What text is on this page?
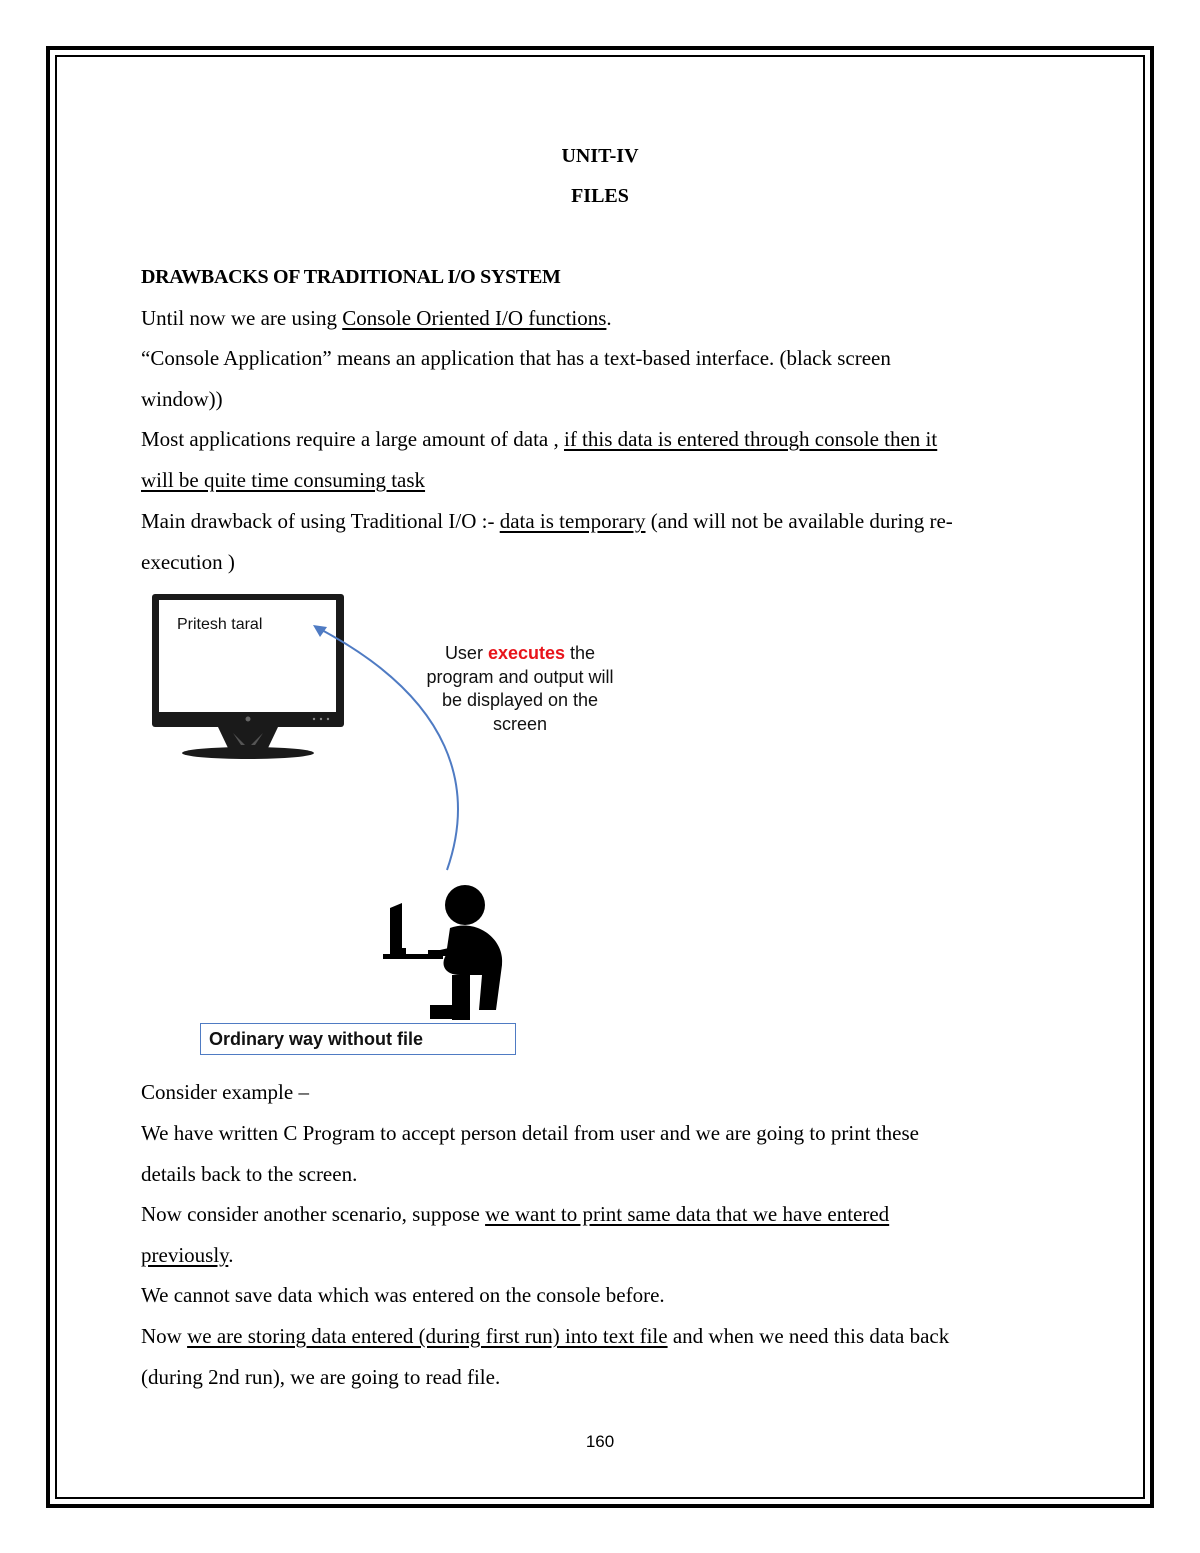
UNIT-IV
FILES
DRAWBACKS OF TRADITIONAL I/O SYSTEM
Until now we are using Console Oriented I/O functions.
“Console Application” means an application that has a text-based interface. (black screen
window))
Most applications require a large amount of data , if this data is entered through console then it
will be quite time consuming task
Main drawback of using Traditional I/O :- data is temporary (and will not be available during re-
execution )
Pritesh taral
User executes the program and output will be displayed on the screen
Ordinary way without file
Consider example –
We have written C Program to accept person detail from user and we are going to print these
details back to the screen.
Now consider another scenario, suppose we want to print same data that we have entered
previously.
We cannot save data which was entered on the console before.
Now we are storing data entered (during first run) into text file and when we need this data back
(during 2nd run), we are going to read file.
160
